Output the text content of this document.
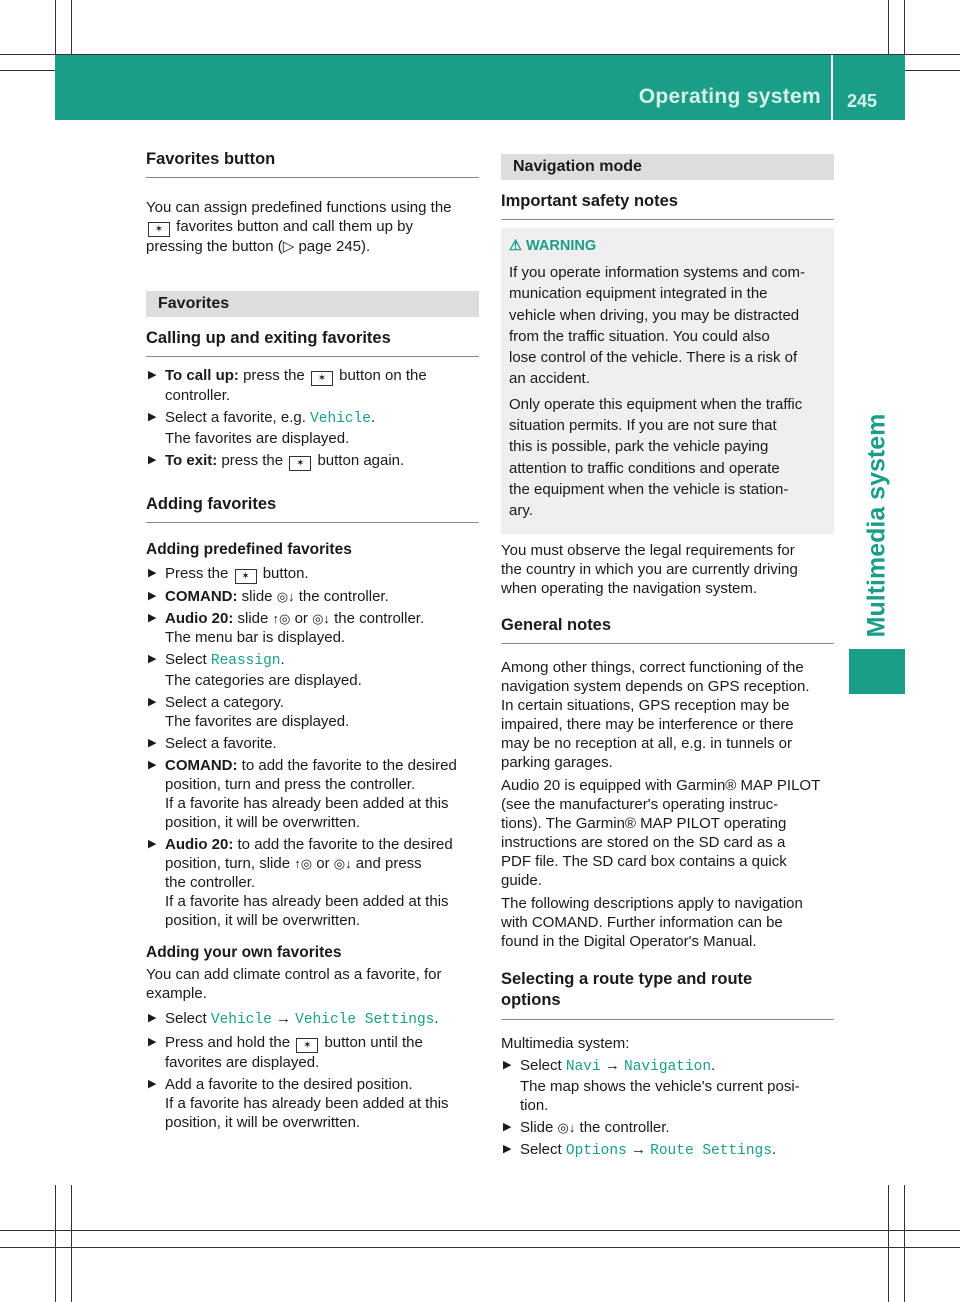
Operating system 245
Multimedia system
Favorites button

You can assign predefined functions using the

✶ favorites button and call them up by

pressing the button (▷ page 245).

Favorites
Calling up and exiting favorites
▶ To call up: press the ✶ button on the
controller.
▶ Select a favorite, e.g. Vehicle.
The favorites are displayed.
▶ To exit: press the ✶ button again.
Adding favorites
Adding predefined favorites
▶ Press the ✶ button.
▶ COMAND: slide ◎↓ the controller.
▶ Audio 20: slide ↑◎ or ◎↓ the controller.
The menu bar is displayed.
▶ Select Reassign.
The categories are displayed.
▶ Select a category.
The favorites are displayed.
▶ Select a favorite.
▶ COMAND: to add the favorite to the desired
position, turn and press the controller.
If a favorite has already been added at this
position, it will be overwritten.
▶ Audio 20: to add the favorite to the desired
position, turn, slide ↑◎ or ◎↓ and press
the controller.
If a favorite has already been added at this
position, it will be overwritten.
Adding your own favorites

You can add climate control as a favorite, for
example.

▶ Select Vehicle → Vehicle Settings.
▶ Press and hold the ✶ button until the
favorites are displayed.
▶ Add a favorite to the desired position.
If a favorite has already been added at this
position, it will be overwritten.
Navigation mode
Important safety notes
⚠ WARNING

If you operate information systems and com-
munication equipment integrated in the
vehicle when driving, you may be distracted
from the traffic situation. You could also
lose control of the vehicle. There is a risk of
an accident.

Only operate this equipment when the traffic
situation permits. If you are not sure that
this is possible, park the vehicle paying
attention to traffic conditions and operate
the equipment when the vehicle is station-
ary.

You must observe the legal requirements for
the country in which you are currently driving
when operating the navigation system.

General notes

Among other things, correct functioning of the
navigation system depends on GPS reception.
In certain situations, GPS reception may be
impaired, there may be interference or there
may be no reception at all, e.g. in tunnels or
parking garages.

Audio 20 is equipped with Garmin® MAP PILOT
(see the manufacturer's operating instruc-
tions). The Garmin® MAP PILOT operating
instructions are stored on the SD card as a
PDF file. The SD card box contains a quick
guide.

The following descriptions apply to navigation
with COMAND. Further information can be
found in the Digital Operator's Manual.

Selecting a route type and route
options

Multimedia system:

▶ Select Navi → Navigation.
The map shows the vehicle's current posi-
tion.
▶ Slide ◎↓ the controller.
▶ Select Options → Route Settings.
